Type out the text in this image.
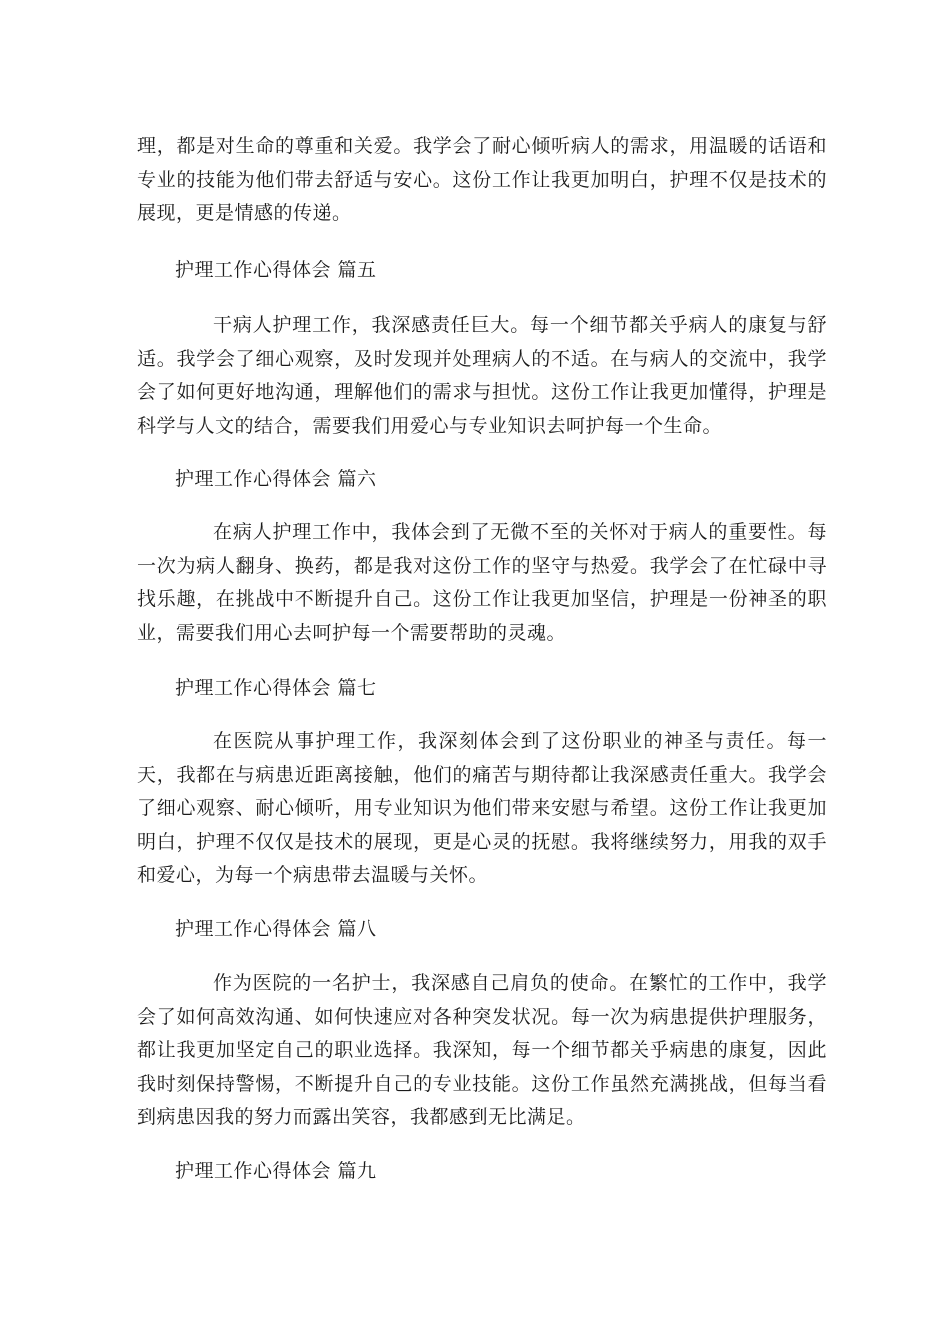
理，都是对生命的尊重和关爱。我学会了耐心倾听病人的需求，用温暖的话语和专业的技能为他们带去舒适与安心。这份工作让我更加明白，护理不仅是技术的展现，更是情感的传递。
护理工作心得体会 篇五
干病人护理工作，我深感责任巨大。每一个细节都关乎病人的康复与舒适。我学会了细心观察，及时发现并处理病人的不适。在与病人的交流中，我学会了如何更好地沟通，理解他们的需求与担忧。这份工作让我更加懂得，护理是科学与人文的结合，需要我们用爱心与专业知识去呵护每一个生命。
护理工作心得体会 篇六
在病人护理工作中，我体会到了无微不至的关怀对于病人的重要性。每一次为病人翻身、换药，都是我对这份工作的坚守与热爱。我学会了在忙碌中寻找乐趣，在挑战中不断提升自己。这份工作让我更加坚信，护理是一份神圣的职业，需要我们用心去呵护每一个需要帮助的灵魂。
护理工作心得体会 篇七
在医院从事护理工作，我深刻体会到了这份职业的神圣与责任。每一天，我都在与病患近距离接触，他们的痛苦与期待都让我深感责任重大。我学会了细心观察、耐心倾听，用专业知识为他们带来安慰与希望。这份工作让我更加明白，护理不仅仅是技术的展现，更是心灵的抚慰。我将继续努力，用我的双手和爱心，为每一个病患带去温暖与关怀。
护理工作心得体会 篇八
作为医院的一名护士，我深感自己肩负的使命。在繁忙的工作中，我学会了如何高效沟通、如何快速应对各种突发状况。每一次为病患提供护理服务，都让我更加坚定自己的职业选择。我深知，每一个细节都关乎病患的康复，因此我时刻保持警惕，不断提升自己的专业技能。这份工作虽然充满挑战，但每当看到病患因我的努力而露出笑容，我都感到无比满足。
护理工作心得体会 篇九
